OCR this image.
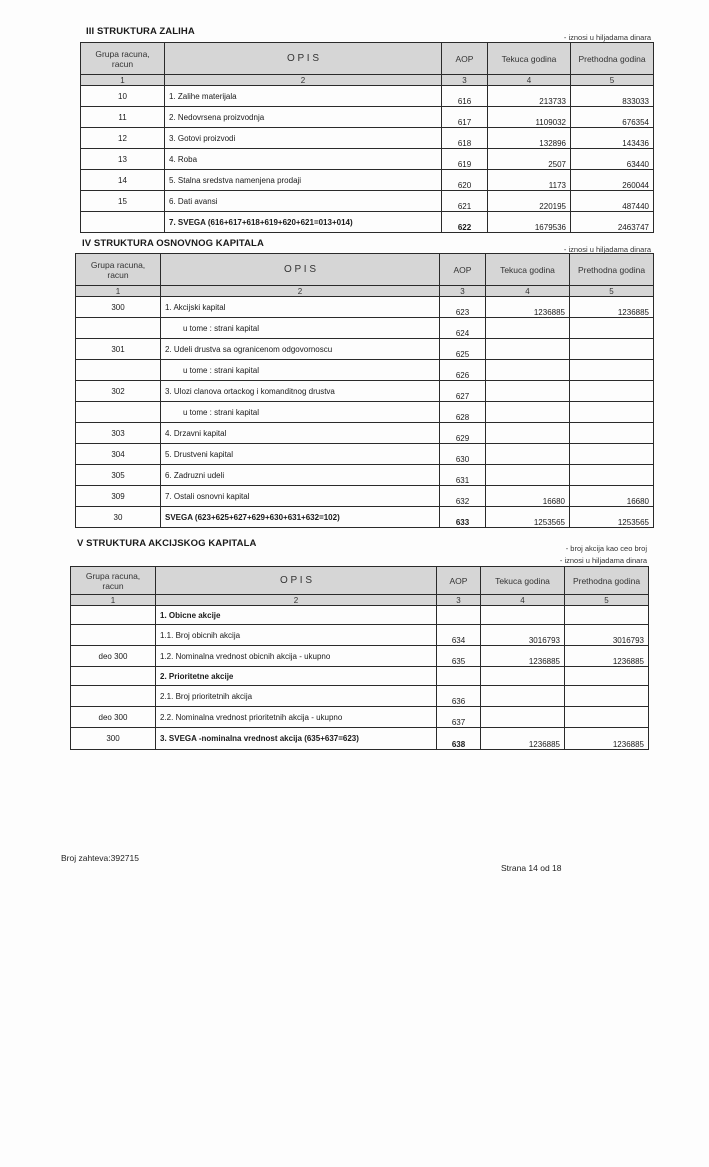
III STRUKTURA ZALIHA
- iznosi u hiljadama dinara
Grupa racuna,
racun	O P I S	AOP	Tekuca godina	Prethodna godina
1	2	3	4	5
10	1. Zalihe materijala	616	213733	833033
11	2. Nedovrsena proizvodnja	617	1109032	676354
12	3. Gotovi proizvodi	618	132896	143436
13	4. Roba	619	2507	63440
14	5. Stalna sredstva namenjena prodaji	620	1173	260044
15	6. Dati avansi	621	220195	487440
	7. SVEGA (616+617+618+619+620+621=013+014)	622	1679536	2463747
IV STRUKTURA OSNOVNOG KAPITALA
- iznosi u hiljadama dinara
Grupa racuna,
racun	O P I S	AOP	Tekuca godina	Prethodna godina
1	2	3	4	5
300	1. Akcijski kapital	623	1236885	1236885
	u tome : strani kapital	624		
301	2. Udeli drustva sa ogranicenom odgovornoscu	625		
	u tome : strani kapital	626		
302	3. Ulozi clanova ortackog i komanditnog drustva	627		
	u tome : strani kapital	628		
303	4. Drzavni kapital	629		
304	5. Drustveni kapital	630		
305	6. Zadruzni udeli	631		
309	7. Ostali osnovni kapital	632	16680	16680
30	SVEGA (623+625+627+629+630+631+632=102)	633	1253565	1253565
V STRUKTURA AKCIJSKOG KAPITALA	- broj akcija kao ceo broj
- iznosi u hiljadama dinara
Grupa racuna,
racun	O P I S	AOP	Tekuca godina	Prethodna godina
1	2	3	4	5
	1. Obicne akcije			
	1.1. Broj obicnih akcija	634	3016793	3016793
deo 300	1.2. Nominalna vrednost obicnih akcija - ukupno	635	1236885	1236885
	2. Prioritetne akcije			
	2.1. Broj prioritetnih akcija	636		
deo 300	2.2. Nominalna vrednost prioritetnih akcija - ukupno	637		
300	3. SVEGA -nominalna vrednost akcija (635+637=623)	638	1236885	1236885
Broj zahteva:392715
Strana 14 od 18
